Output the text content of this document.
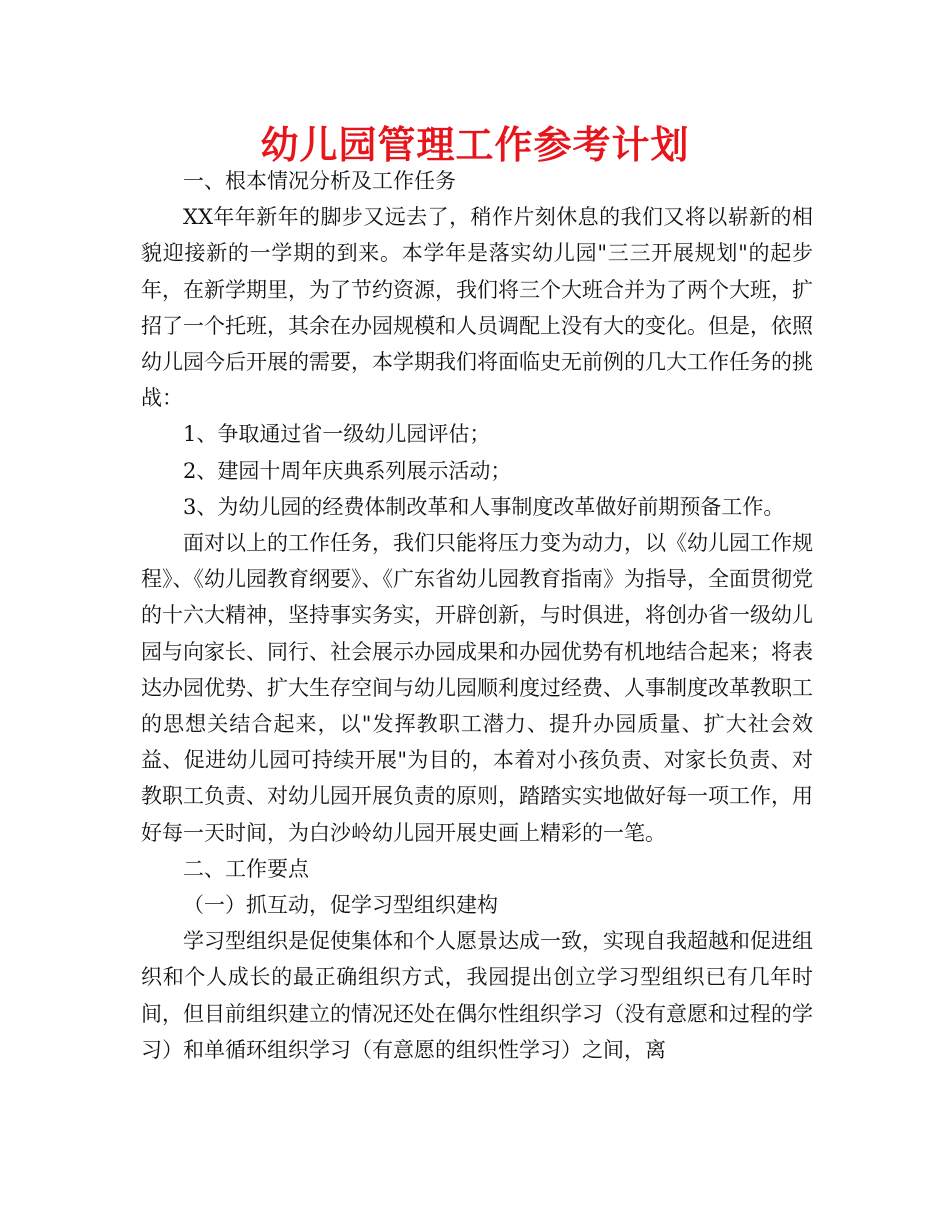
幼儿园管理工作参考计划

一、根本情况分析及工作任务

XX年年新年的脚步又远去了，稍作片刻休息的我们又将以崭新的相貌迎接新的一学期的到来。本学年是落实幼儿园"三三开展规划"的起步年，在新学期里，为了节约资源，我们将三个大班合并为了两个大班，扩招了一个托班，其余在办园规模和人员调配上没有大的变化。但是，依照幼儿园今后开展的需要，本学期我们将面临史无前例的几大工作任务的挑战：

1、争取通过省一级幼儿园评估；

2、建园十周年庆典系列展示活动；

3、为幼儿园的经费体制改革和人事制度改革做好前期预备工作。

面对以上的工作任务，我们只能将压力变为动力，以《幼儿园工作规程》、《幼儿园教育纲要》、《广东省幼儿园教育指南》为指导，全面贯彻党的十六大精神，坚持事实务实，开辟创新，与时俱进，将创办省一级幼儿园与向家长、同行、社会展示办园成果和办园优势有机地结合起来；将表达办园优势、扩大生存空间与幼儿园顺利度过经费、人事制度改革教职工的思想关结合起来，以"发挥教职工潜力、提升办园质量、扩大社会效益、促进幼儿园可持续开展"为目的，本着对小孩负责、对家长负责、对教职工负责、对幼儿园开展负责的原则，踏踏实实地做好每一项工作，用好每一天时间，为白沙岭幼儿园开展史画上精彩的一笔。

二、工作要点

（一）抓互动，促学习型组织建构

学习型组织是促使集体和个人愿景达成一致，实现自我超越和促进组织和个人成长的最正确组织方式，我园提出创立学习型组织已有几年时间，但目前组织建立的情况还处在偶尔性组织学习（没有意愿和过程的学习）和单循环组织学习（有意愿的组织性学习）之间，离
